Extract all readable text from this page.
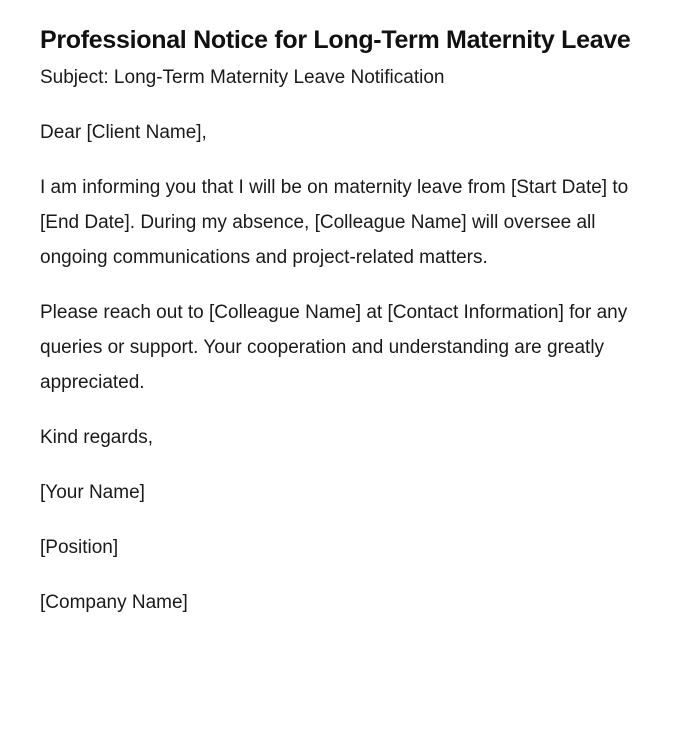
Professional Notice for Long-Term Maternity Leave

Subject: Long-Term Maternity Leave Notification

Dear [Client Name],

I am informing you that I will be on maternity leave from [Start Date] to [End Date]. During my absence, [Colleague Name] will oversee all ongoing communications and project-related matters.

Please reach out to [Colleague Name] at [Contact Information] for any queries or support. Your cooperation and understanding are greatly appreciated.

Kind regards,

[Your Name]

[Position]

[Company Name]
